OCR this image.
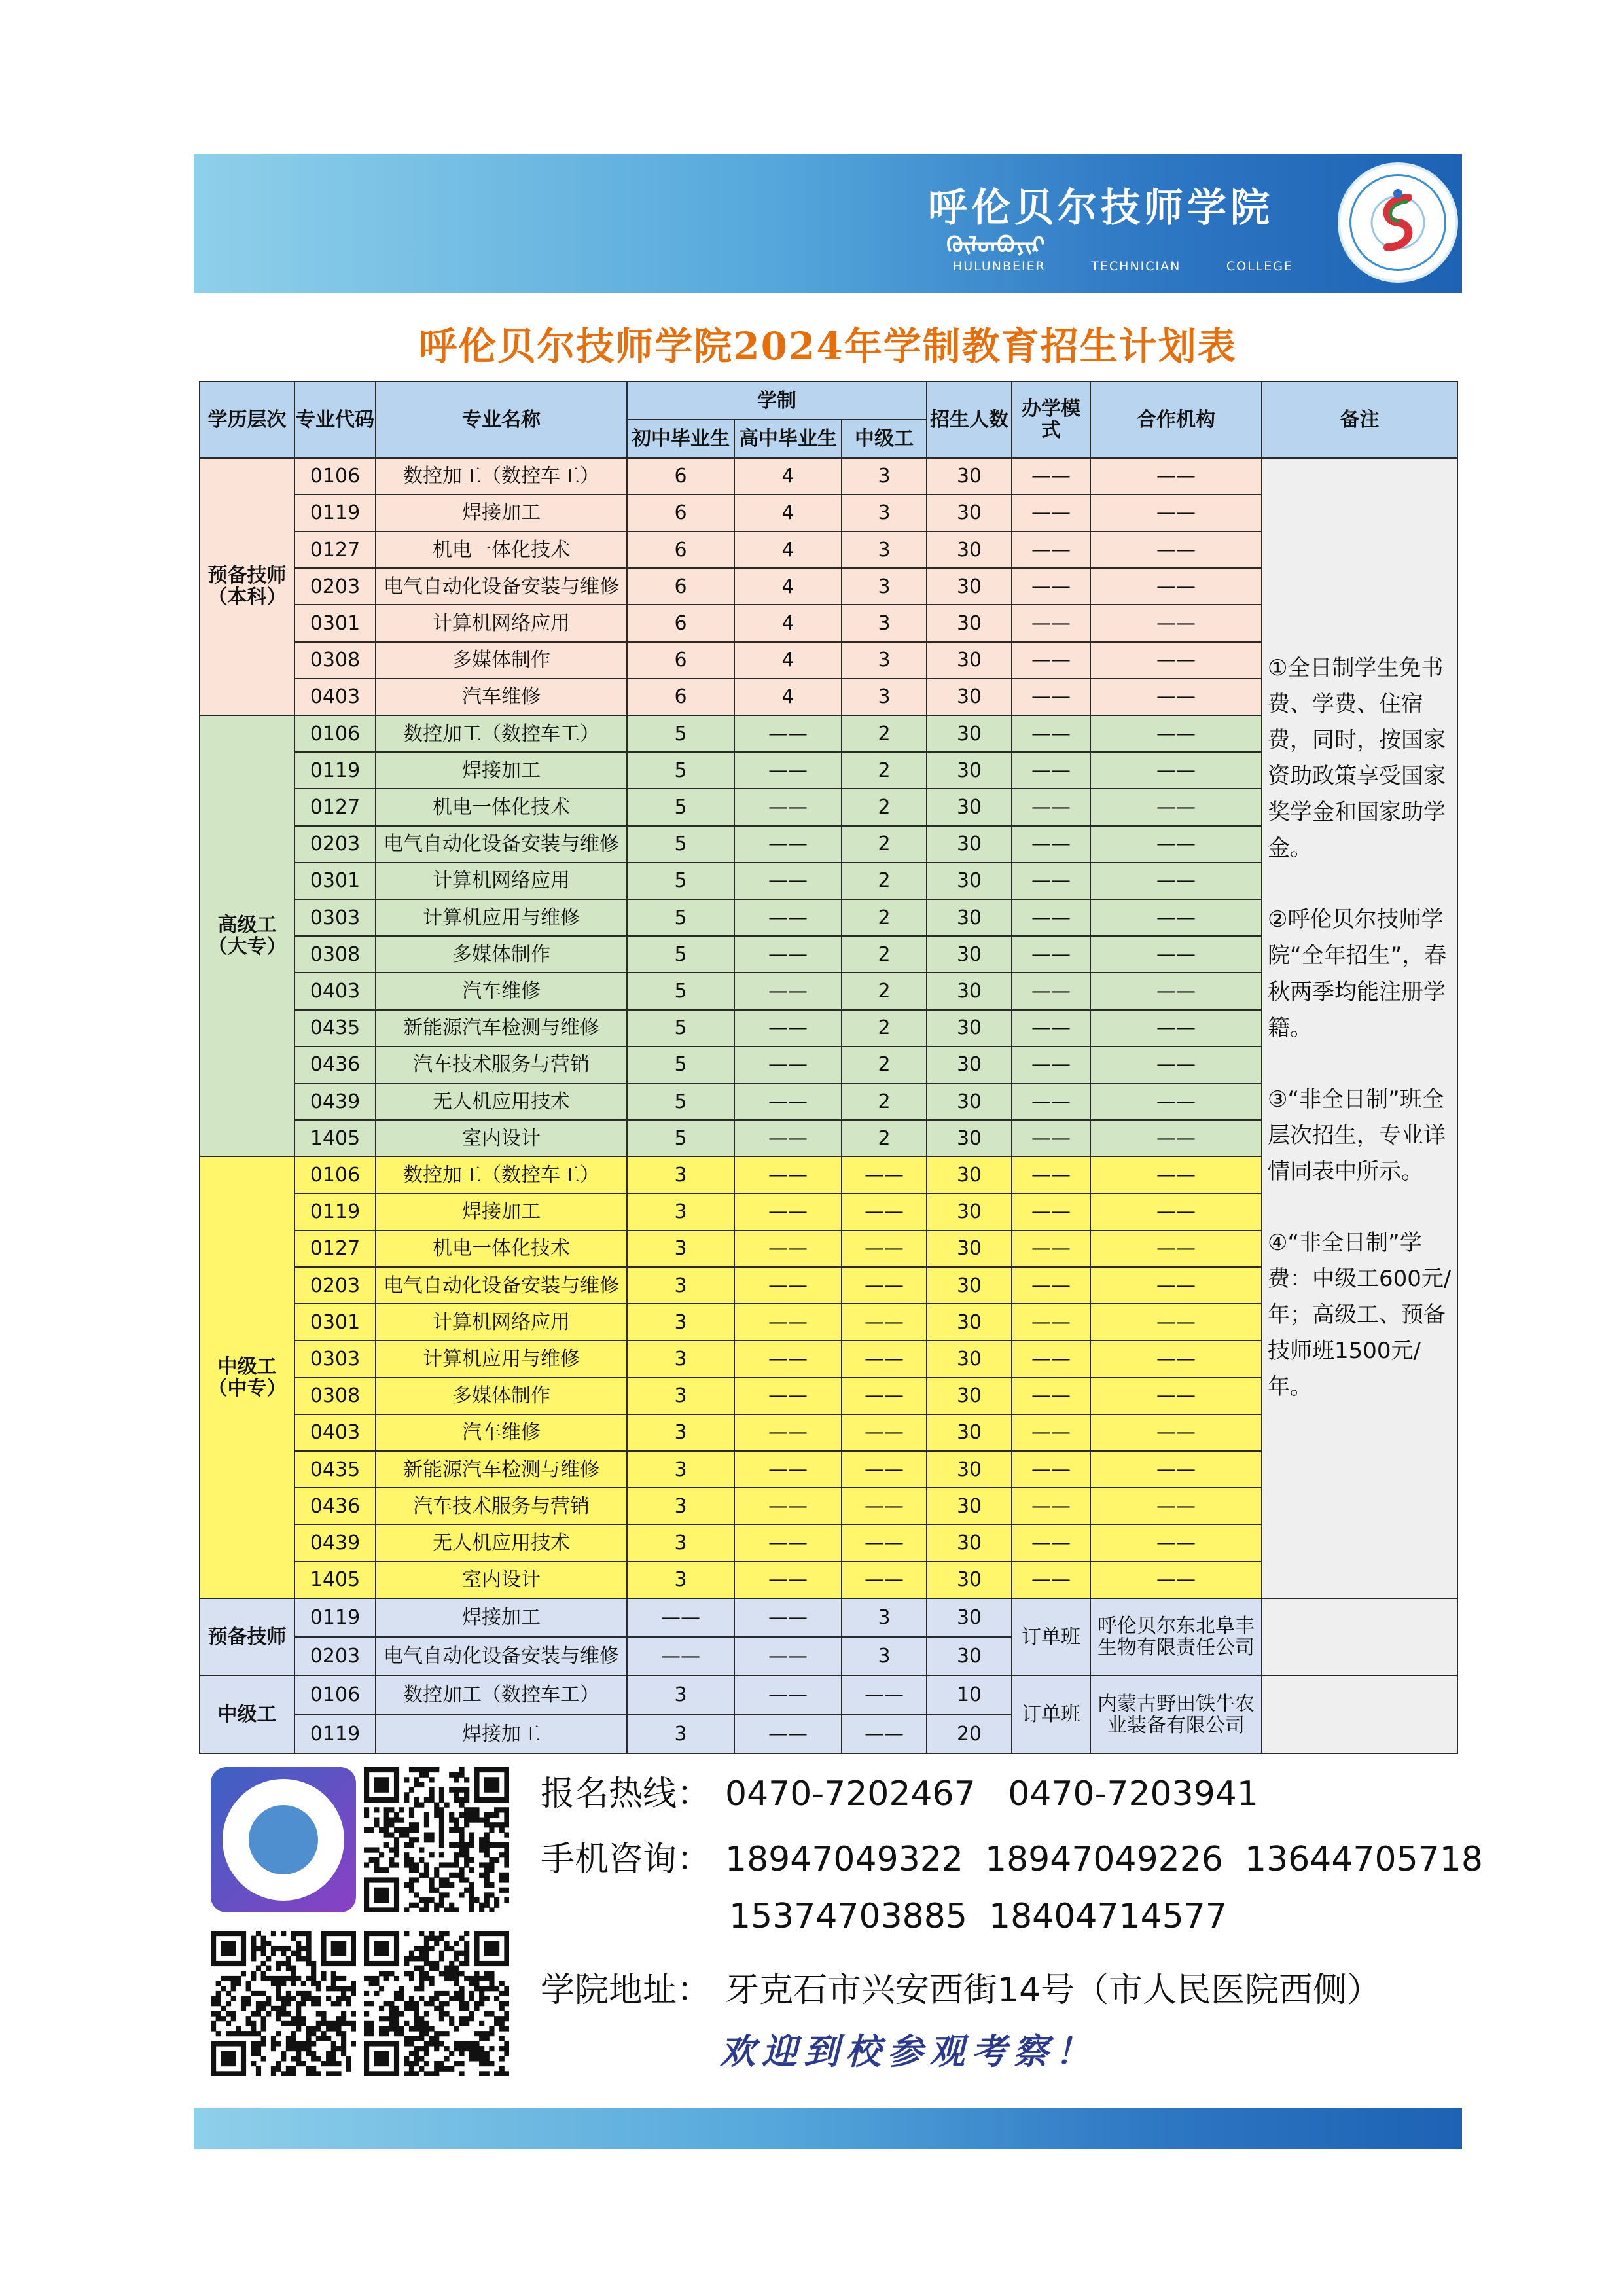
呼伦贝尔技师学院
ᠬᠥᠯᠥᠨᠪᠤᠶᠢᠷ
HULUNBEIER	TECHNICIAN	COLLEGE
呼伦贝尔技师学院2024年学制教育招生计划表
学历层次	专业代码	专业名称	学制			招生人数	办学模式	合作机构	备注
			初中毕业生	高中毕业生	中级工				
预备技师（本科）	0106	数控加工（数控车工）	6	4	3	30	——	——	①全日制学生免书费、学费、住宿费，同时，按国家资助政策享受国家奖学金和国家助学金。

②呼伦贝尔技师学院“全年招生”，春秋两季均能注册学籍。

③“非全日制”班全层次招生，专业详情同表中所示。

④“非全日制”学费：中级工600元/年；高级工、预备技师班1500元/年。

	0119	焊接加工	6	4	3	30	——	——	
	0127	机电一体化技术	6	4	3	30	——	——	
	0203	电气自动化设备安装与维修	6	4	3	30	——	——	
	0301	计算机网络应用	6	4	3	30	——	——	
	0308	多媒体制作	6	4	3	30	——	——	
	0403	汽车维修	6	4	3	30	——	——	
高级工（大专）	0106	数控加工（数控车工）	5	——	2	30	——	——	
	0119	焊接加工	5	——	2	30	——	——	
	0127	机电一体化技术	5	——	2	30	——	——	
	0203	电气自动化设备安装与维修	5	——	2	30	——	——	
	0301	计算机网络应用	5	——	2	30	——	——	
	0303	计算机应用与维修	5	——	2	30	——	——	
	0308	多媒体制作	5	——	2	30	——	——	
	0403	汽车维修	5	——	2	30	——	——	
	0435	新能源汽车检测与维修	5	——	2	30	——	——	
	0436	汽车技术服务与营销	5	——	2	30	——	——	
	0439	无人机应用技术	5	——	2	30	——	——	
	1405	室内设计	5	——	2	30	——	——	
中级工（中专）	0106	数控加工（数控车工）	3	——	——	30	——	——	
	0119	焊接加工	3	——	——	30	——	——	
	0127	机电一体化技术	3	——	——	30	——	——	
	0203	电气自动化设备安装与维修	3	——	——	30	——	——	
	0301	计算机网络应用	3	——	——	30	——	——	
	0303	计算机应用与维修	3	——	——	30	——	——	
	0308	多媒体制作	3	——	——	30	——	——	
	0403	汽车维修	3	——	——	30	——	——	
	0435	新能源汽车检测与维修	3	——	——	30	——	——	
	0436	汽车技术服务与营销	3	——	——	30	——	——	
	0439	无人机应用技术	3	——	——	30	——	——	
	1405	室内设计	3	——	——	30	——	——	
预备技师	0119	焊接加工	——	——	3	30	订单班	呼伦贝尔东北阜丰生物有限责任公司	
	0203	电气自动化设备安装与维修	——	——	3	30			
中级工	0106	数控加工（数控车工）	3	——	——	10	订单班	内蒙古野田铁牛农业装备有限公司	
	0119	焊接加工	3	——	——	20			
报名热线： 0470-7202467   0470-7203941
手机咨询： 18947049322  18947049226  13644705718
15374703885  18404714577
学院地址： 牙克石市兴安西街14号（市人民医院西侧）
欢迎到校参观考察！
